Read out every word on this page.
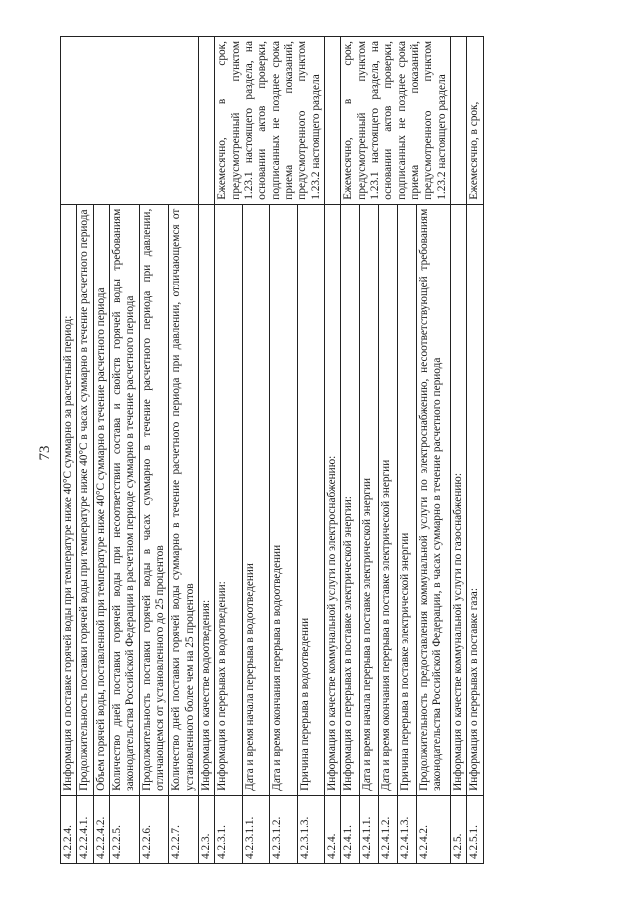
73
4.2.2.4.	Информация о поставке горячей воды при температуре ниже 40°С суммарно за расчетный период:	

4.2.2.4.1.	Продолжительность поставки горячей воды при температуре ниже 40°С в часах суммарно в течение расчетного периода	
4.2.2.4.2.	Объем горячей воды, поставленной при температуре ниже 40°С суммарно в течение расчетного периода	
4.2.2.5.	Количество дней поставки горячей воды при несоответствии состава и свойств горячей воды требованиям законодательства Российской Федерации в расчетном периоде суммарно в течение расчетного периода	
4.2.2.6.	Продолжительность поставки горячей воды в часах суммарно в течение расчетного периода при давлении, отличающемся от установленного до 25 процентов	
4.2.2.7.	Количество дней поставки горячей воды суммарно в течение расчетного периода при давлении, отличающемся от установленного более чем на 25 процентов	
4.2.3.	Информация о качестве водоотведения:	
4.2.3.1.	Информация о перерывах в водоотведении:	Ежемесячно, в срок, предусмотренный пунктом 1.23.1 настоящего раздела, на основании актов проверки, подписанных не позднее срока приема показаний, предусмотренного пунктом 1.23.2 настоящего раздела

4.2.3.1.1.	Дата и время начала перерыва в водоотведении	
4.2.3.1.2.	Дата и время окончания перерыва в водоотведении	
4.2.3.1.3.	Причина перерыва в водоотведении	
4.2.4.	Информация о качестве коммунальной услуги по электроснабжению:	
4.2.4.1.	Информация о перерывах в поставке электрической энергии:	Ежемесячно, в срок, предусмотренный пунктом 1.23.1 настоящего раздела, на основании актов проверки, подписанных не позднее срока приема показаний, предусмотренного пунктом 1.23.2 настоящего раздела

4.2.4.1.1.	Дата и время начала перерыва в поставке электрической энергии	
4.2.4.1.2.	Дата и время окончания перерыва в поставке электрической энергии	
4.2.4.1.3.	Причина перерыва в поставке электрической энергии	
4.2.4.2.	Продолжительность предоставления коммунальной услуги по электроснабжению, несоответствующей требованиям законодательства Российской Федерации, в часах суммарно в течение расчетного периода	
4.2.5.	Информация о качестве коммунальной услуги по газоснабжению:	
4.2.5.1.	Информация о перерывах в поставке газа:	Ежемесячно, в срок,
